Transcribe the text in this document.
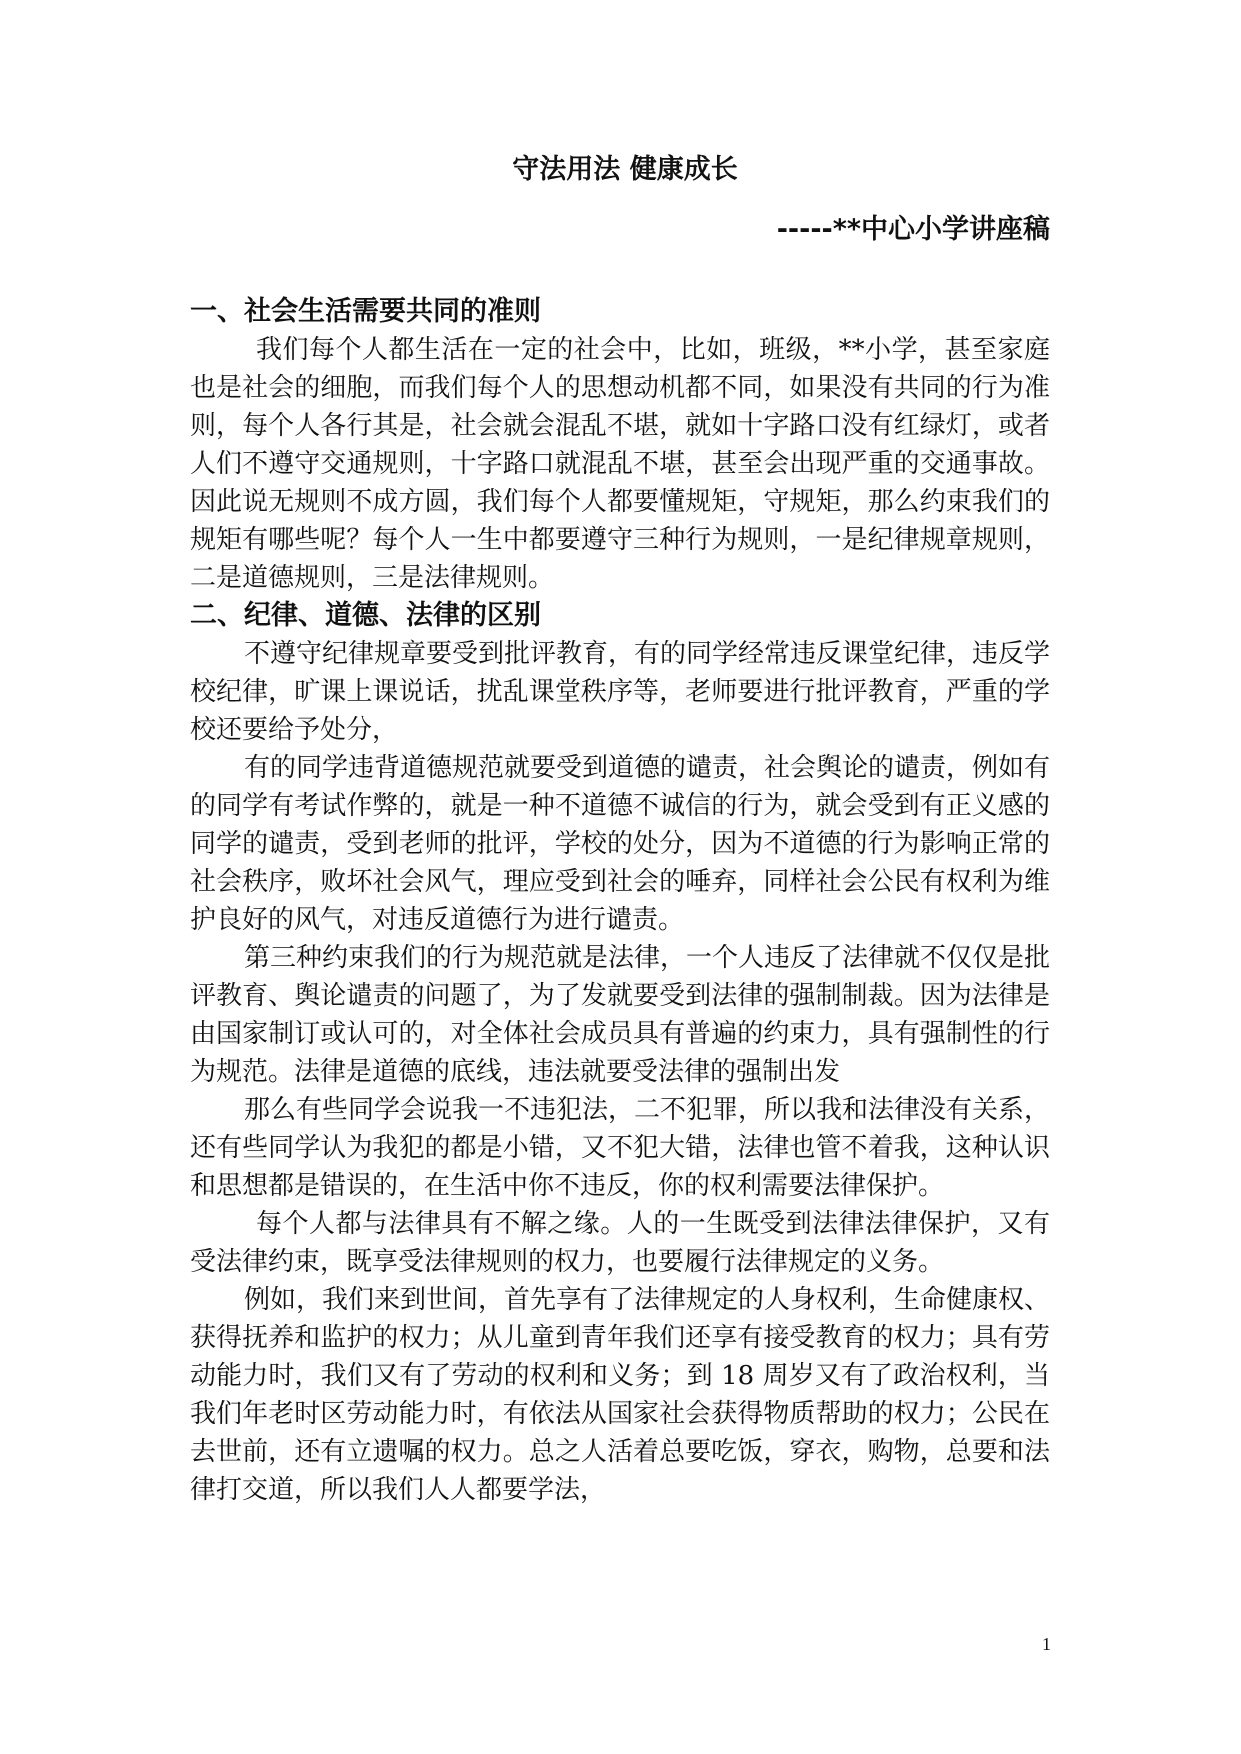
守法用法 健康成长
-----**中心小学讲座稿
一、社会生活需要共同的准则

我们每个人都生活在一定的社会中，比如，班级，**小学，甚至家庭也是社会的细胞，而我们每个人的思想动机都不同，如果没有共同的行为准则，每个人各行其是，社会就会混乱不堪，就如十字路口没有红绿灯，或者人们不遵守交通规则，十字路口就混乱不堪，甚至会出现严重的交通事故。因此说无规则不成方圆，我们每个人都要懂规矩，守规矩，那么约束我们的规矩有哪些呢？每个人一生中都要遵守三种行为规则，一是纪律规章规则，二是道德规则，三是法律规则。

二、纪律、道德、法律的区别

不遵守纪律规章要受到批评教育，有的同学经常违反课堂纪律，违反学校纪律，旷课上课说话，扰乱课堂秩序等，老师要进行批评教育，严重的学校还要给予处分，

有的同学违背道德规范就要受到道德的谴责，社会舆论的谴责，例如有的同学有考试作弊的，就是一种不道德不诚信的行为，就会受到有正义感的同学的谴责，受到老师的批评，学校的处分，因为不道德的行为影响正常的社会秩序，败坏社会风气，理应受到社会的唾弃，同样社会公民有权利为维护良好的风气，对违反道德行为进行谴责。

第三种约束我们的行为规范就是法律，一个人违反了法律就不仅仅是批评教育、舆论谴责的问题了，为了发就要受到法律的强制制裁。因为法律是由国家制订或认可的，对全体社会成员具有普遍的约束力，具有强制性的行为规范。法律是道德的底线，违法就要受法律的强制出发

那么有些同学会说我一不违犯法，二不犯罪，所以我和法律没有关系，还有些同学认为我犯的都是小错，又不犯大错，法律也管不着我，这种认识和思想都是错误的，在生活中你不违反，你的权利需要法律保护。

每个人都与法律具有不解之缘。人的一生既受到法律法律保护，又有受法律约束，既享受法律规则的权力，也要履行法律规定的义务。

例如，我们来到世间，首先享有了法律规定的人身权利，生命健康权、获得抚养和监护的权力；从儿童到青年我们还享有接受教育的权力；具有劳动能力时，我们又有了劳动的权利和义务；到 18 周岁又有了政治权利，当我们年老时区劳动能力时，有依法从国家社会获得物质帮助的权力；公民在去世前，还有立遗嘱的权力。总之人活着总要吃饭，穿衣，购物，总要和法律打交道，所以我们人人都要学法，

1
